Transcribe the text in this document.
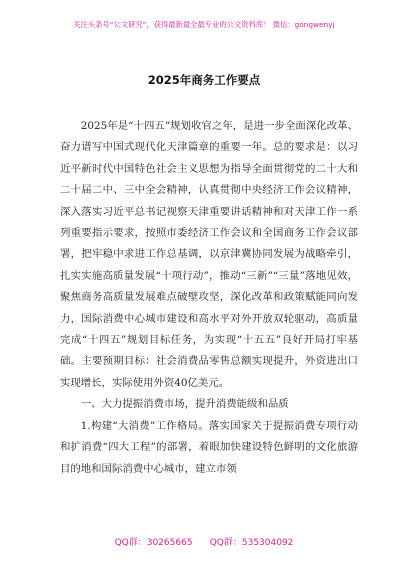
关注头条号“公文研究”，获得最新最全最专业的公文资料库！ 微信：gongwenyj
2025年商务工作要点

2025年是“十四五”规划收官之年，是进一步全面深化改革、奋力谱写中国式现代化天津篇章的重要一年。总的要求是：以习近平新时代中国特色社会主义思想为指导全面贯彻党的二十大和二十届二中、三中全会精神，认真贯彻中央经济工作会议精神，深入落实习近平总书记视察天津重要讲话精神和对天津工作一系列重要指示要求，按照市委经济工作会议和全国商务工作会议部署，把牢稳中求进工作总基调，以京津冀协同发展为战略牵引，扎实实施高质量发展“十项行动”，推动“三新”“三量”落地见效，聚焦商务高质量发展难点破壁攻坚，深化改革和政策赋能同向发力，国际消费中心城市建设和高水平对外开放双轮驱动，高质量完成“十四五”规划目标任务，为实现“十五五”良好开局打牢基础。主要预期目标：社会消费品零售总额实现提升，外资进出口实现增长，实际使用外资40亿美元。

一、大力提振消费市场，提升消费能级和品质

1.构建“大消费”工作格局。落实国家关于提振消费专项行动和扩消费“四大工程”的部署，着眼加快建设特色鲜明的文化旅游目的地和国际消费中心城市，建立市领

QQ群：30265665      QQ群：535304092
